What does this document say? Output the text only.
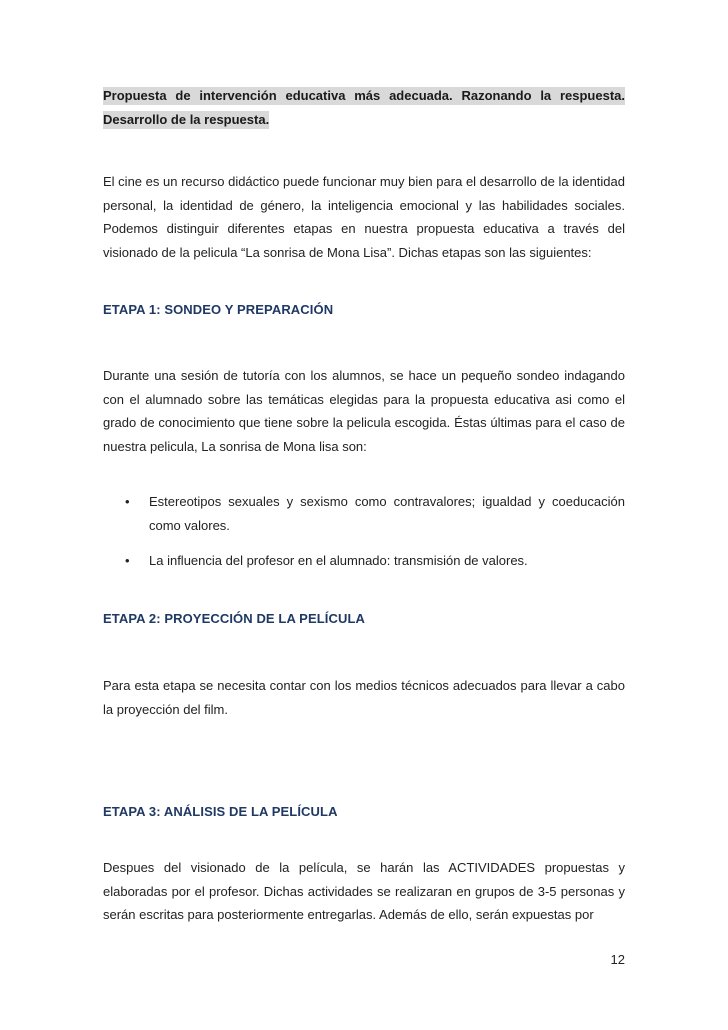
Propuesta de intervención educativa más adecuada. Razonando la respuesta.
Desarrollo de la respuesta.
El cine es un recurso didáctico puede funcionar muy bien para el desarrollo de la identidad personal, la identidad de género, la inteligencia emocional y las habilidades sociales. Podemos distinguir diferentes etapas en nuestra propuesta educativa a través del visionado de la pelicula “La sonrisa de Mona Lisa”. Dichas etapas son las siguientes:
ETAPA 1: SONDEO Y PREPARACIÓN
Durante una sesión de tutoría con los alumnos, se hace un pequeño sondeo indagando con el alumnado sobre las temáticas elegidas para la propuesta educativa asi como el grado de conocimiento que tiene sobre la pelicula escogida. Éstas últimas para el caso de nuestra pelicula, La sonrisa de Mona lisa son:
• Estereotipos sexuales y sexismo como contravalores; igualdad y coeducación como valores.
• La influencia del profesor en el alumnado: transmisión de valores.
ETAPA 2: PROYECCIÓN DE LA PELÍCULA
Para esta etapa se necesita contar con los medios técnicos adecuados para llevar a cabo la proyección del film.
ETAPA 3: ANÁLISIS DE LA PELÍCULA
Despues del visionado de la película, se harán las ACTIVIDADES propuestas y elaboradas por el profesor. Dichas actividades se realizaran en grupos de 3-5 personas y serán escritas para posteriormente entregarlas. Además de ello, serán expuestas por
12
